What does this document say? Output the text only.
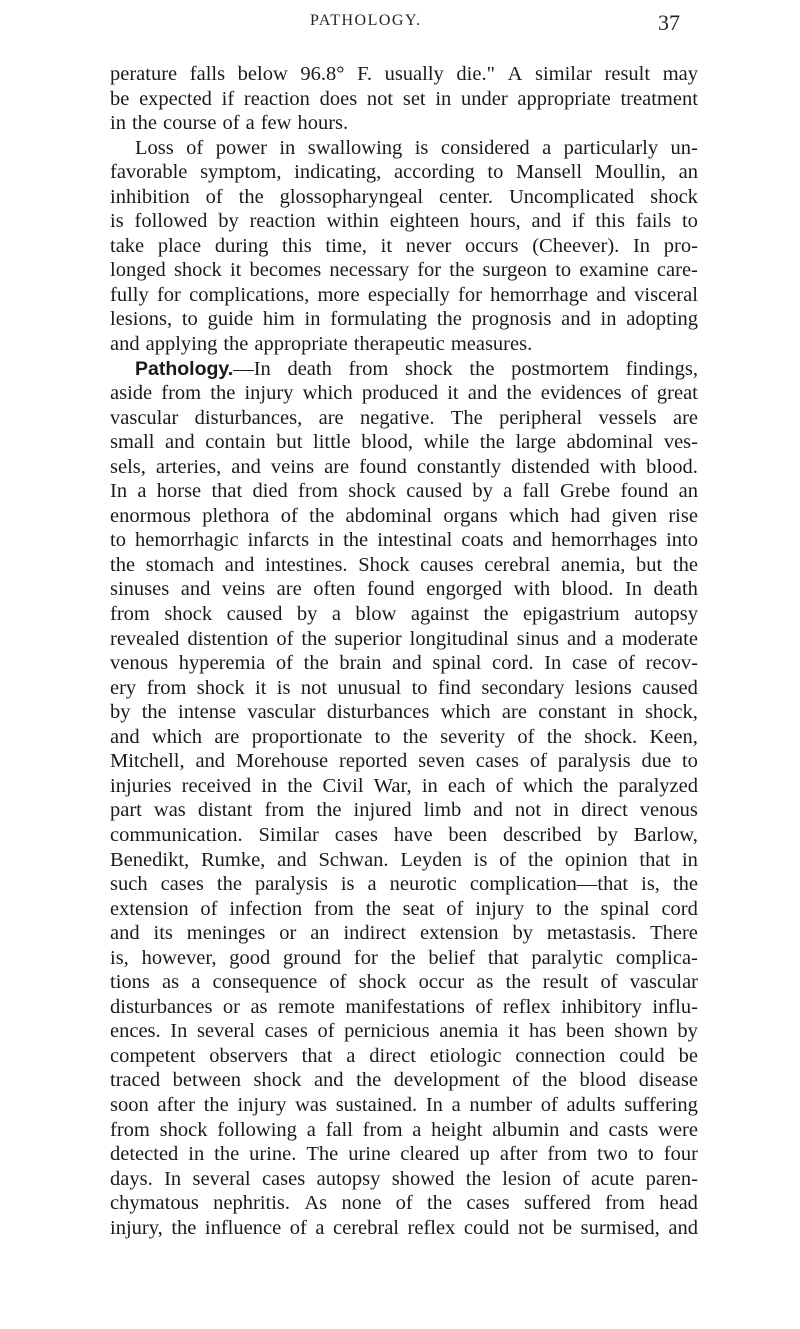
PATHOLOGY.	37
perature falls below 96.8° F. usually die." A similar result may
be expected if reaction does not set in under appropriate treatment
in the course of a few hours.
Loss of power in swallowing is considered a particularly un-
favorable symptom, indicating, according to Mansell Moullin, an
inhibition of the glossopharyngeal center. Uncomplicated shock
is followed by reaction within eighteen hours, and if this fails to
take place during this time, it never occurs (Cheever). In pro-
longed shock it becomes necessary for the surgeon to examine care-
fully for complications, more especially for hemorrhage and visceral
lesions, to guide him in formulating the prognosis and in adopting
and applying the appropriate therapeutic measures.
Pathology.—In death from shock the postmortem findings,
aside from the injury which produced it and the evidences of great
vascular disturbances, are negative. The peripheral vessels are
small and contain but little blood, while the large abdominal ves-
sels, arteries, and veins are found constantly distended with blood.
In a horse that died from shock caused by a fall Grebe found an
enormous plethora of the abdominal organs which had given rise
to hemorrhagic infarcts in the intestinal coats and hemorrhages into
the stomach and intestines. Shock causes cerebral anemia, but the
sinuses and veins are often found engorged with blood. In death
from shock caused by a blow against the epigastrium autopsy
revealed distention of the superior longitudinal sinus and a moderate
venous hyperemia of the brain and spinal cord. In case of recov-
ery from shock it is not unusual to find secondary lesions caused
by the intense vascular disturbances which are constant in shock,
and which are proportionate to the severity of the shock. Keen,
Mitchell, and Morehouse reported seven cases of paralysis due to
injuries received in the Civil War, in each of which the paralyzed
part was distant from the injured limb and not in direct venous
communication. Similar cases have been described by Barlow,
Benedikt, Rumke, and Schwan. Leyden is of the opinion that in
such cases the paralysis is a neurotic complication—that is, the
extension of infection from the seat of injury to the spinal cord
and its meninges or an indirect extension by metastasis. There
is, however, good ground for the belief that paralytic complica-
tions as a consequence of shock occur as the result of vascular
disturbances or as remote manifestations of reflex inhibitory influ-
ences. In several cases of pernicious anemia it has been shown by
competent observers that a direct etiologic connection could be
traced between shock and the development of the blood disease
soon after the injury was sustained. In a number of adults suffering
from shock following a fall from a height albumin and casts were
detected in the urine. The urine cleared up after from two to four
days. In several cases autopsy showed the lesion of acute paren-
chymatous nephritis. As none of the cases suffered from head
injury, the influence of a cerebral reflex could not be surmised, and
